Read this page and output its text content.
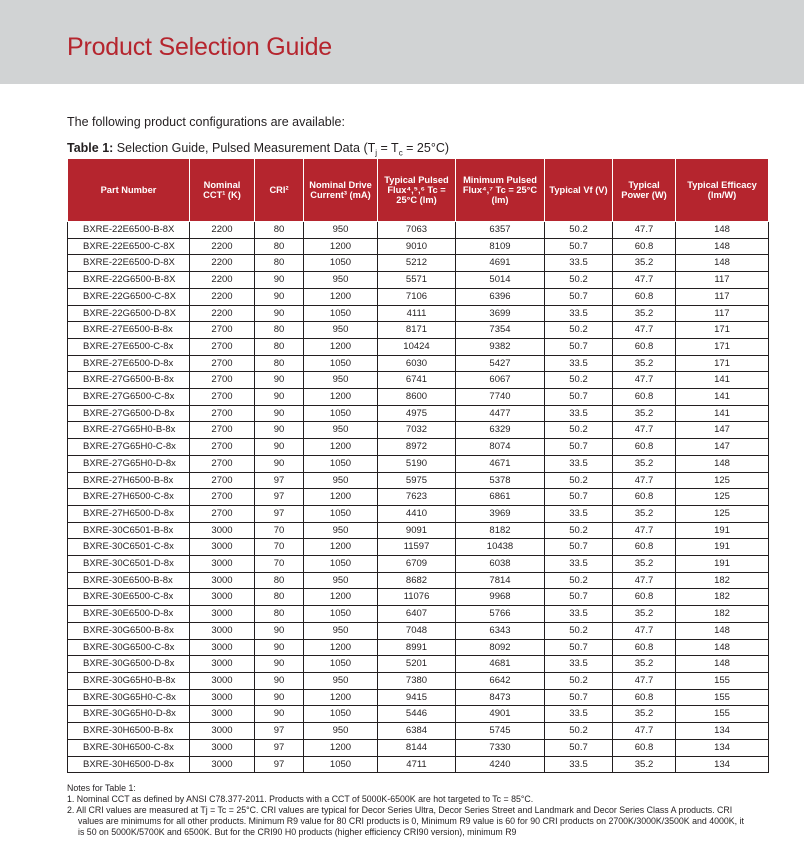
Product Selection Guide
The following product configurations are available:
Table 1: Selection Guide, Pulsed Measurement Data $(T_j = T_c = 25^\circ C)$
Part Number	Nominal CCT¹ (K)	CRI²	Nominal Drive Current³ (mA)	Typical Pulsed Flux⁴,⁵,⁶ Tc = 25°C (lm)	Minimum Pulsed Flux⁴,⁷ Tc = 25°C (lm)	Typical Vf (V)	Typical Power (W)	Typical Efficacy (lm/W)
BXRE-22E6500-B-8X	2200	80	950	7063	6357	50.2	47.7	148
BXRE-22E6500-C-8X	2200	80	1200	9010	8109	50.7	60.8	148
BXRE-22E6500-D-8X	2200	80	1050	5212	4691	33.5	35.2	148
BXRE-22G6500-B-8X	2200	90	950	5571	5014	50.2	47.7	117
BXRE-22G6500-C-8X	2200	90	1200	7106	6396	50.7	60.8	117
BXRE-22G6500-D-8X	2200	90	1050	4111	3699	33.5	35.2	117
BXRE-27E6500-B-8x	2700	80	950	8171	7354	50.2	47.7	171
BXRE-27E6500-C-8x	2700	80	1200	10424	9382	50.7	60.8	171
BXRE-27E6500-D-8x	2700	80	1050	6030	5427	33.5	35.2	171
BXRE-27G6500-B-8x	2700	90	950	6741	6067	50.2	47.7	141
BXRE-27G6500-C-8x	2700	90	1200	8600	7740	50.7	60.8	141
BXRE-27G6500-D-8x	2700	90	1050	4975	4477	33.5	35.2	141
BXRE-27G65H0-B-8x	2700	90	950	7032	6329	50.2	47.7	147
BXRE-27G65H0-C-8x	2700	90	1200	8972	8074	50.7	60.8	147
BXRE-27G65H0-D-8x	2700	90	1050	5190	4671	33.5	35.2	148
BXRE-27H6500-B-8x	2700	97	950	5975	5378	50.2	47.7	125
BXRE-27H6500-C-8x	2700	97	1200	7623	6861	50.7	60.8	125
BXRE-27H6500-D-8x	2700	97	1050	4410	3969	33.5	35.2	125
BXRE-30C6501-B-8x	3000	70	950	9091	8182	50.2	47.7	191
BXRE-30C6501-C-8x	3000	70	1200	11597	10438	50.7	60.8	191
BXRE-30C6501-D-8x	3000	70	1050	6709	6038	33.5	35.2	191
BXRE-30E6500-B-8x	3000	80	950	8682	7814	50.2	47.7	182
BXRE-30E6500-C-8x	3000	80	1200	11076	9968	50.7	60.8	182
BXRE-30E6500-D-8x	3000	80	1050	6407	5766	33.5	35.2	182
BXRE-30G6500-B-8x	3000	90	950	7048	6343	50.2	47.7	148
BXRE-30G6500-C-8x	3000	90	1200	8991	8092	50.7	60.8	148
BXRE-30G6500-D-8x	3000	90	1050	5201	4681	33.5	35.2	148
BXRE-30G65H0-B-8x	3000	90	950	7380	6642	50.2	47.7	155
BXRE-30G65H0-C-8x	3000	90	1200	9415	8473	50.7	60.8	155
BXRE-30G65H0-D-8x	3000	90	1050	5446	4901	33.5	35.2	155
BXRE-30H6500-B-8x	3000	97	950	6384	5745	50.2	47.7	134
BXRE-30H6500-C-8x	3000	97	1200	8144	7330	50.7	60.8	134
BXRE-30H6500-D-8x	3000	97	1050	4711	4240	33.5	35.2	134

Notes for Table 1:

1. Nominal CCT as defined by ANSI C78.377-2011. Products with a CCT of 5000K-6500K are hot targeted to Tc = 85°C.

2. All CRI values are measured at Tj = Tc = 25°C. CRI values are typical for Decor Series Ultra, Decor Series Street and Landmark and Decor Series Class A products. CRI values are minimums for all other products. Minimum R9 value for 80 CRI products is 0, Minimum R9 value is 60 for 90 CRI products on 2700K/3000K/3500K and 4000K, it is 50 on 5000K/5700K and 6500K. But for the CRI90 H0 products (higher efficiency CRI90 version), minimum R9
